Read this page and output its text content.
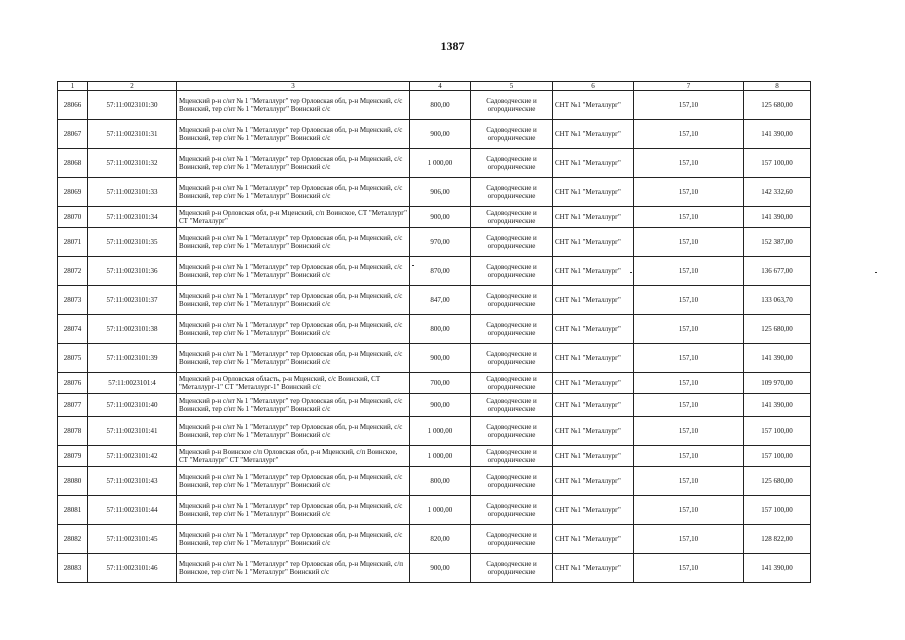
1387
1	2	3	4	5	6	7	8
28066	57:11:0023101:30	Мценский р-н с/нт № 1 "Металлург" тер Орловская обл, р-н Мценский, с/с Воинский, тер с/нт № 1 "Металлург" Воинский с/с	800,00	Садоводческие и огороднические	СНТ №1 "Металлург"	157,10	125 680,00
28067	57:11:0023101:31	Мценский р-н с/нт № 1 "Металлург" тер Орловская обл, р-н Мценский, с/с Воинский, тер с/нт № 1 "Металлург" Воинский с/с	900,00	Садоводческие и огороднические	СНТ №1 "Металлург"	157,10	141 390,00
28068	57:11:0023101:32	Мценский р-н с/нт № 1 "Металлург" тер Орловская обл, р-н Мценский, с/с Воинский, тер с/нт № 1 "Металлург" Воинский с/с	1 000,00	Садоводческие и огороднические	СНТ №1 "Металлург"	157,10	157 100,00
28069	57:11:0023101:33	Мценский р-н с/нт № 1 "Металлург" тер Орловская обл, р-н Мценский, с/с Воинский, тер с/нт № 1 "Металлург" Воинский с/с	906,00	Садоводческие и огороднические	СНТ №1 "Металлург"	157,10	142 332,60
28070	57:11:0023101:34	Мценский р-н Орловская обл, р-н Мценский, с/п Воинское, СТ "Металлург" СТ "Металлург"	900,00	Садоводческие и огороднические	СНТ №1 "Металлург"	157,10	141 390,00
28071	57:11:0023101:35	Мценский р-н с/нт № 1 "Металлург" тер Орловская обл, р-н Мценский, с/с Воинский, тер с/нт № 1 "Металлург" Воинский с/с	970,00	Садоводческие и огороднические	СНТ №1 "Металлург"	157,10	152 387,00
28072	57:11:0023101:36	Мценский р-н с/нт № 1 "Металлург" тер Орловская обл, р-н Мценский, с/с Воинский, тер с/нт № 1 "Металлург" Воинский с/с	870,00	Садоводческие и огороднические	СНТ №1 "Металлург"	157,10	136 677,00
28073	57:11:0023101:37	Мценский р-н с/нт № 1 "Металлург" тер Орловская обл, р-н Мценский, с/с Воинский, тер с/нт № 1 "Металлург" Воинский с/с	847,00	Садоводческие и огороднические	СНТ №1 "Металлург"	157,10	133 063,70
28074	57:11:0023101:38	Мценский р-н с/нт № 1 "Металлург" тер Орловская обл, р-н Мценский, с/с Воинский, тер с/нт № 1 "Металлург" Воинский с/с	800,00	Садоводческие и огороднические	СНТ №1 "Металлург"	157,10	125 680,00
28075	57:11:0023101:39	Мценский р-н с/нт № 1 "Металлург" тер Орловская обл, р-н Мценский, с/с Воинский, тер с/нт № 1 "Металлург" Воинский с/с	900,00	Садоводческие и огороднические	СНТ №1 "Металлург"	157,10	141 390,00
28076	57:11:0023101:4	Мценский р-н Орловская область, р-н Мценский, с/с Воинский, СТ "Металлург-1" СТ "Металлург-1" Воинский с/с	700,00	Садоводческие и огороднические	СНТ №1 "Металлург"	157,10	109 970,00
28077	57:11:0023101:40	Мценский р-н с/нт № 1 "Металлург" тер Орловская обл, р-н Мценский, с/с Воинский, тер с/нт № 1 "Металлург" Воинский с/с	900,00	Садоводческие и огороднические	СНТ №1 "Металлург"	157,10	141 390,00
28078	57:11:0023101:41	Мценский р-н с/нт № 1 "Металлург" тер Орловская обл, р-н Мценский, с/с Воинский, тер с/нт № 1 "Металлург" Воинский с/с	1 000,00	Садоводческие и огороднические	СНТ №1 "Металлург"	157,10	157 100,00
28079	57:11:0023101:42	Мценский р-н Воинское с/п Орловская обл, р-н Мценский, с/п Воинское, СТ "Металлург" СТ "Металлург"	1 000,00	Садоводческие и огороднические	СНТ №1 "Металлург"	157,10	157 100,00
28080	57:11:0023101:43	Мценский р-н с/нт № 1 "Металлург" тер Орловская обл, р-н Мценский, с/с Воинский, тер с/нт № 1 "Металлург" Воинский с/с	800,00	Садоводческие и огороднические	СНТ №1 "Металлург"	157,10	125 680,00
28081	57:11:0023101:44	Мценский р-н с/нт № 1 "Металлург" тер Орловская обл, р-н Мценский, с/с Воинский, тер с/нт № 1 "Металлург" Воинский с/с	1 000,00	Садоводческие и огороднические	СНТ №1 "Металлург"	157,10	157 100,00
28082	57:11:0023101:45	Мценский р-н с/нт № 1 "Металлург" тер Орловская обл, р-н Мценский, с/с Воинский, тер с/нт № 1 "Металлург" Воинский с/с	820,00	Садоводческие и огороднические	СНТ №1 "Металлург"	157,10	128 822,00
28083	57:11:0023101:46	Мценский р-н с/нт № 1 "Металлург" тер Орловская обл, р-н Мценский, с/п Воинское, тер с/нт № 1 "Металлург" Воинский с/с	900,00	Садоводческие и огороднические	СНТ №1 "Металлург"	157,10	141 390,00
